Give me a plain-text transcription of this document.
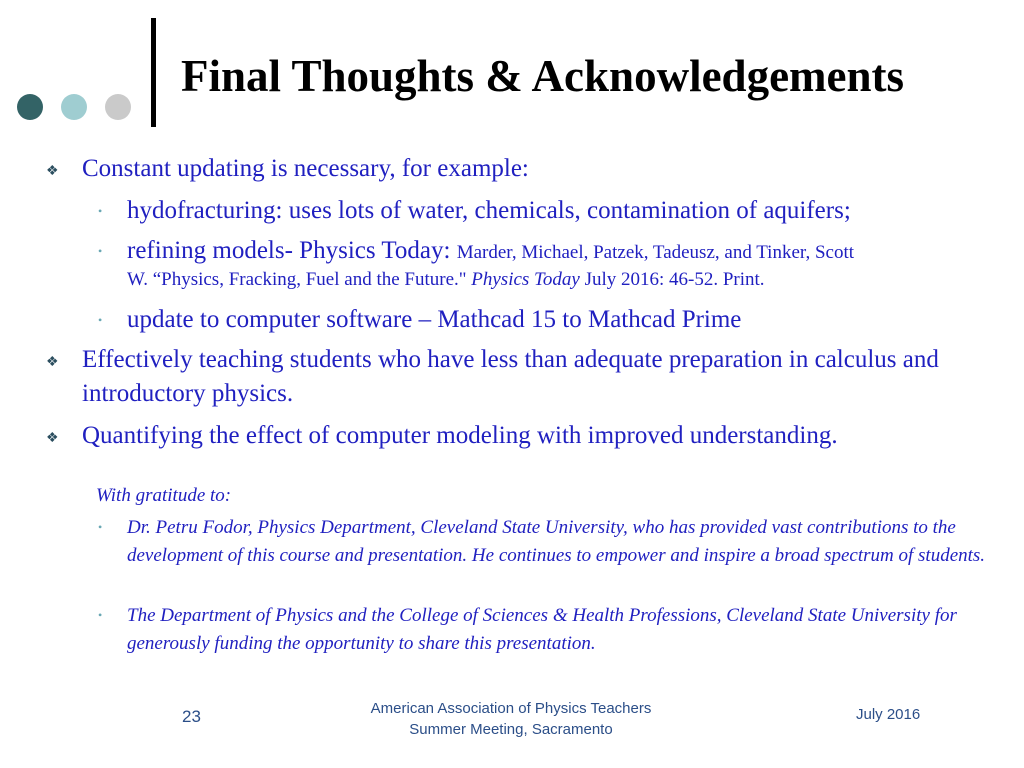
Final Thoughts & Acknowledgements
❖ Constant updating is necessary, for example:
• hydofracturing: uses lots of water, chemicals, contamination of aquifers;
• refining models- Physics Today: Marder, Michael, Patzek, Tadeusz, and Tinker, Scott
W. “Physics, Fracking, Fuel and the Future." Physics Today July 2016: 46-52. Print.
• update to computer software – Mathcad 15 to Mathcad Prime
❖ Effectively teaching students who have less than adequate preparation in calculus and introductory physics.
❖ Quantifying the effect of computer modeling with improved understanding.
With gratitude to:
• Dr. Petru Fodor, Physics Department, Cleveland State University, who has provided vast contributions to the development of this course and presentation. He continues to empower and inspire a broad spectrum of students.
• The Department of Physics and the College of Sciences & Health Professions, Cleveland State University for generously funding the opportunity to share this presentation.
23	American Association of Physics Teachers
Summer Meeting, Sacramento
July 2016
